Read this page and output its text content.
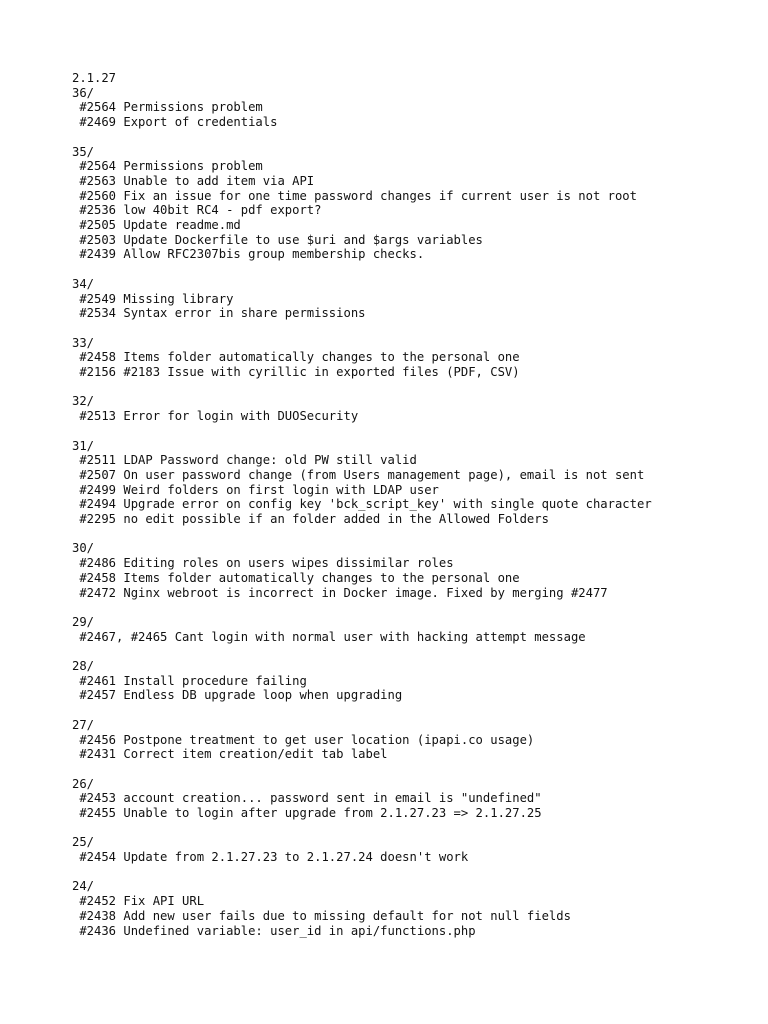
2.1.27
36/
#2564 Permissions problem
#2469 Export of credentials
35/
#2564 Permissions problem
#2563 Unable to add item via API
#2560 Fix an issue for one time password changes if current user is not root
#2536 low 40bit RC4 - pdf export?
#2505 Update readme.md
#2503 Update Dockerfile to use $uri and $args variables
#2439 Allow RFC2307bis group membership checks.
34/
#2549 Missing library
#2534 Syntax error in share permissions
33/
#2458 Items folder automatically changes to the personal one
#2156 #2183 Issue with cyrillic in exported files (PDF, CSV)
32/
#2513 Error for login with DUOSecurity
31/
#2511 LDAP Password change: old PW still valid
#2507 On user password change (from Users management page), email is not sent
#2499 Weird folders on first login with LDAP user
#2494 Upgrade error on config key 'bck_script_key' with single quote character
#2295 no edit possible if an folder added in the Allowed Folders
30/
#2486 Editing roles on users wipes dissimilar roles
#2458 Items folder automatically changes to the personal one
#2472 Nginx webroot is incorrect in Docker image. Fixed by merging #2477
29/
#2467, #2465 Cant login with normal user with hacking attempt message
28/
#2461 Install procedure failing
#2457 Endless DB upgrade loop when upgrading
27/
#2456 Postpone treatment to get user location (ipapi.co usage)
#2431 Correct item creation/edit tab label
26/
#2453 account creation... password sent in email is "undefined"
#2455 Unable to login after upgrade from 2.1.27.23 => 2.1.27.25
25/
#2454 Update from 2.1.27.23 to 2.1.27.24 doesn't work
24/
#2452 Fix API URL
#2438 Add new user fails due to missing default for not null fields
#2436 Undefined variable: user_id in api/functions.php
